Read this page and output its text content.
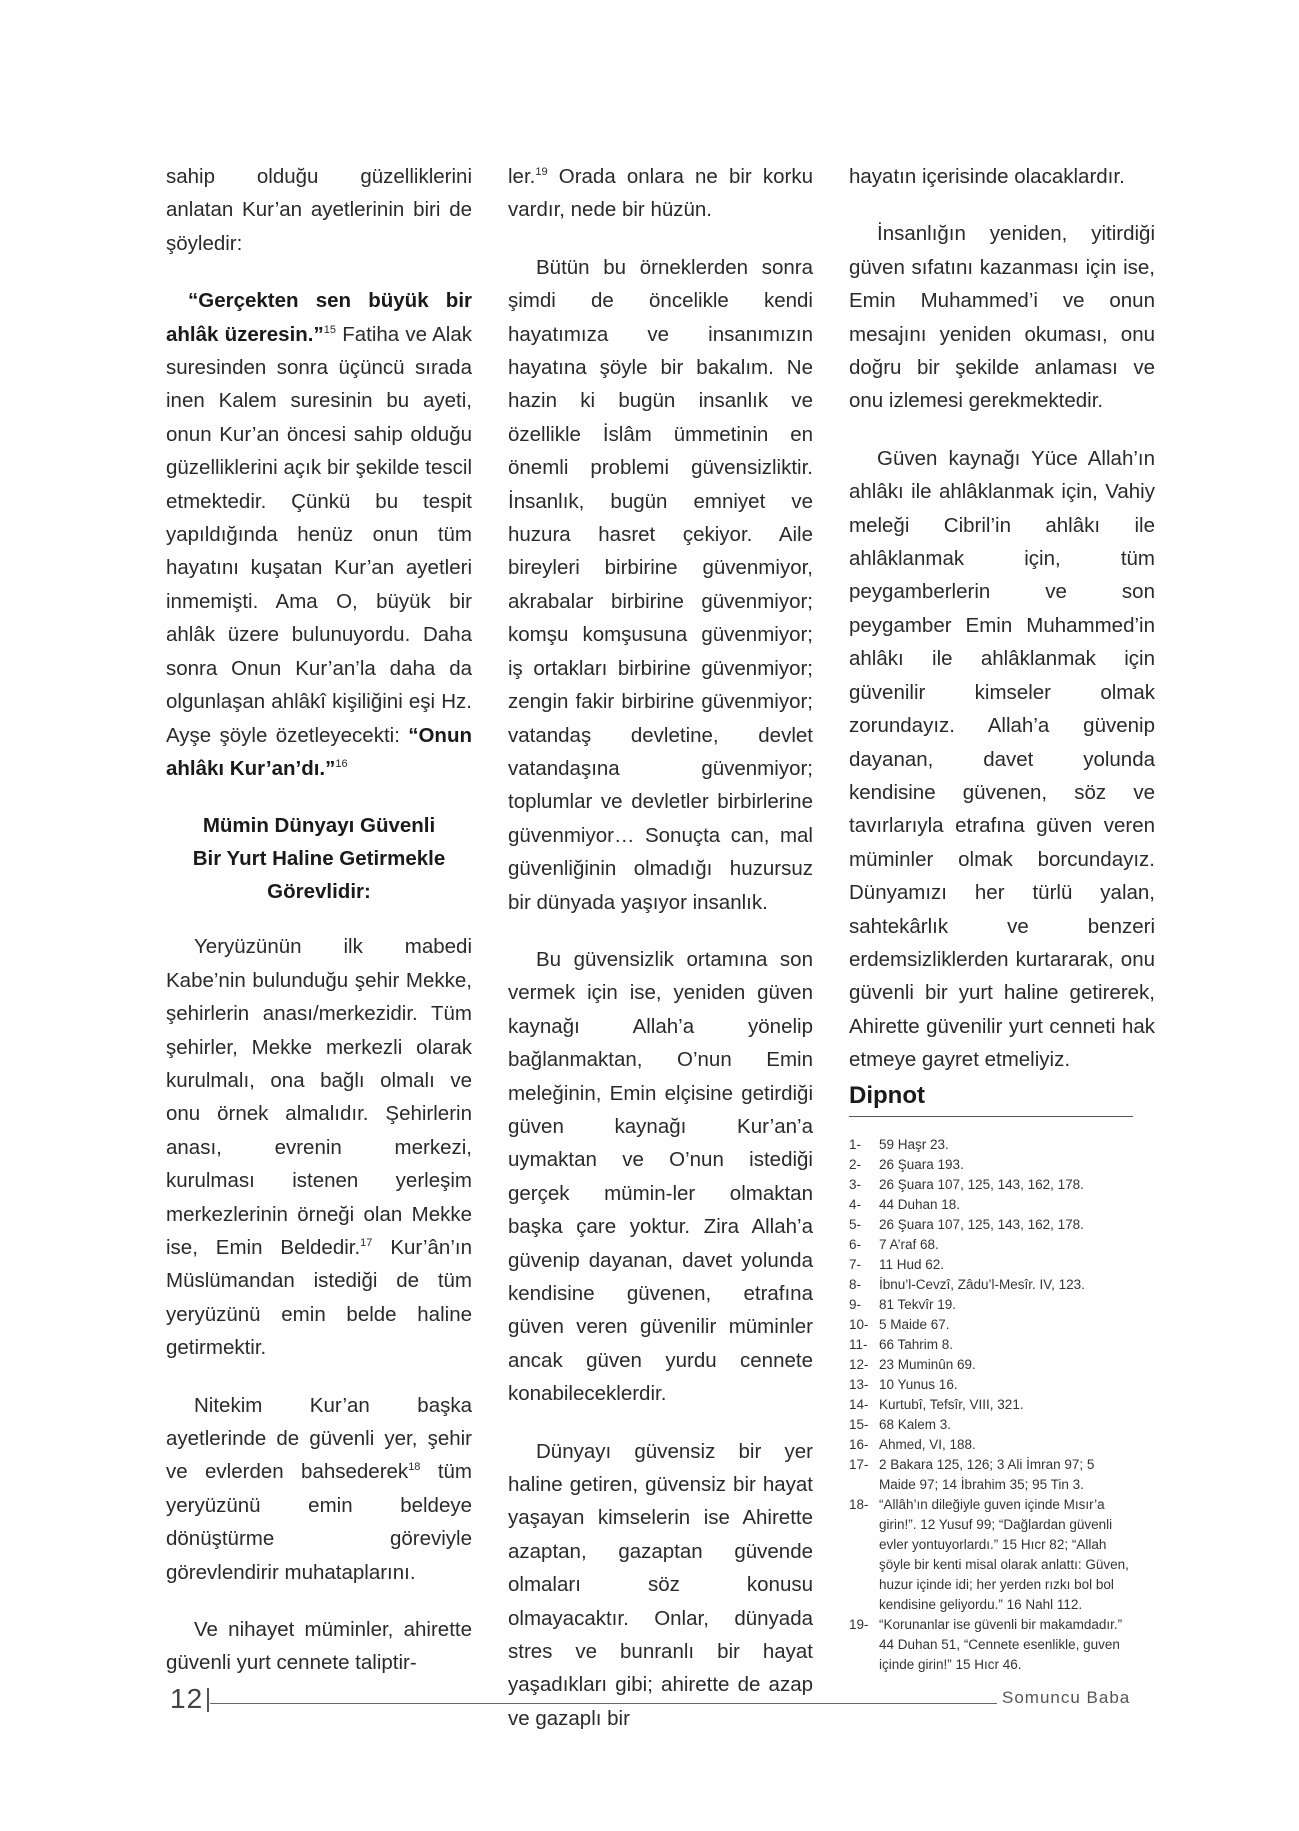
sahip olduğu güzelliklerini anlatan Kur’an ayetlerinin biri de şöyledir:

“Gerçekten sen büyük bir ahlâk üzeresin.”$^{15}$ Fatiha ve Alak suresinden sonra üçüncü sırada inen Kalem suresinin bu ayeti, onun Kur’an öncesi sahip olduğu güzelliklerini açık bir şekilde tescil etmektedir. Çünkü bu tespit yapıldığında henüz onun tüm hayatını kuşatan Kur’an ayetleri inmemişti. Ama O, büyük bir ahlâk üzere bulunuyordu. Daha sonra Onun Kur’an’la daha da olgunlaşan ahlâkî kişiliğini eşi Hz. Ayşe şöyle özetleyecekti: “Onun ahlâkı Kur’an’dı.”$^{16}$

Mümin Dünyayı Güvenli
Bir Yurt Haline Getirmekle
Görevlidir:

Yeryüzünün ilk mabedi Kabe’nin bulunduğu şehir Mekke, şehirlerin anası/merkezidir. Tüm şehirler, Mekke merkezli olarak kurulmalı, ona bağlı olmalı ve onu örnek almalıdır. Şehirlerin anası, evrenin merkezi, kurulması istenen yerleşim merkezlerinin örneği olan Mekke ise, Emin Beldedir.$^{17}$ Kur’ân’ın Müslümandan istediği de tüm yeryüzünü emin belde haline getirmektir.

Nitekim Kur’an başka ayetlerinde de güvenli yer, şehir ve evlerden bahsederek$^{18}$ tüm yeryüzünü emin beldeye dönüştürme göreviyle görevlendirir muhataplarını.

Ve nihayet müminler, ahirette güvenli yurt cennete taliptir-

ler.$^{19}$ Orada onlara ne bir korku vardır, nede bir hüzün.

Bütün bu örneklerden sonra şimdi de öncelikle kendi hayatımıza ve insanımızın hayatına şöyle bir bakalım. Ne hazin ki bugün insanlık ve özellikle İslâm ümmetinin en önemli problemi güvensizliktir. İnsanlık, bugün emniyet ve huzura hasret çekiyor. Aile bireyleri birbirine güvenmiyor, akrabalar birbirine güvenmiyor; komşu komşusuna güvenmiyor; iş ortakları birbirine güvenmiyor; zengin fakir birbirine güvenmiyor; vatandaş devletine, devlet vatandaşına güvenmiyor; toplumlar ve devletler birbirlerine güvenmiyor… Sonuçta can, mal güvenliğinin olmadığı huzursuz bir dünyada yaşıyor insanlık.

Bu güvensizlik ortamına son vermek için ise, yeniden güven kaynağı Allah’a yönelip bağlanmaktan, O’nun Emin meleğinin, Emin elçisine getirdiği güven kaynağı Kur’an’a uymaktan ve O’nun istediği gerçek mümin-ler olmaktan başka çare yoktur. Zira Allah’a güvenip dayanan, davet yolunda kendisine güvenen, etrafına güven veren güvenilir müminler ancak güven yurdu cennete konabileceklerdir.

Dünyayı güvensiz bir yer haline getiren, güvensiz bir hayat yaşayan kimselerin ise Ahirette azaptan, gazaptan güvende olmaları söz konusu olmayacaktır. Onlar, dünyada stres ve bunranlı bir hayat yaşadıkları gibi; ahirette de azap ve gazaplı bir

hayatın içerisinde olacaklardır.

İnsanlığın yeniden, yitirdiği güven sıfatını kazanması için ise, Emin Muhammed’i ve onun mesajını yeniden okuması, onu doğru bir şekilde anlaması ve onu izlemesi gerekmektedir.

Güven kaynağı Yüce Allah’ın ahlâkı ile ahlâklanmak için, Vahiy meleği Cibril’in ahlâkı ile ahlâklanmak için, tüm peygamberlerin ve son peygamber Emin Muhammed’in ahlâkı ile ahlâklanmak için güvenilir kimseler olmak zorundayız. Allah’a güvenip dayanan, davet yolunda kendisine güvenen, söz ve tavırlarıyla etrafına güven veren müminler olmak borcundayız. Dünyamızı her türlü yalan, sahtekârlık ve benzeri erdemsizliklerden kurtararak, onu güvenli bir yurt haline getirerek, Ahirette güvenilir yurt cenneti hak etmeye gayret etmeliyiz.

Dipnot
1-	59 Haşr 23.
2-	26 Şuara 193.
3-	26 Şuara 107, 125, 143, 162, 178.
4-	44 Duhan 18.
5-	26 Şuara 107, 125, 143, 162, 178.
6-	7 A’raf 68.
7-	11 Hud 62.
8-	İbnu’l-Cevzî, Zâdu’l-Mesîr. IV, 123.
9-	81 Tekvîr 19.
10- 5 Maide 67.
11- 66 Tahrim 8.
12- 23 Muminûn 69.
13- 10 Yunus 16.
14- Kurtubî, Tefsîr, VIII, 321.
15- 68 Kalem 3.
16- Ahmed, VI, 188.
17- 2 Bakara 125, 126; 3 Ali İmran 97; 5 Maide 97; 14 İbrahim 35; 95 Tin 3.
18- “Allâh’ın dileğiyle guven içinde Mısır’a girin!”. 12 Yusuf 99; “Dağlardan güvenli evler yontuyorlardı.” 15 Hıcr 82; “Allah şöyle bir kenti misal olarak anlattı: Güven, huzur içinde idi; her yerden rızkı bol bol kendisine geliyordu.” 16 Nahl 112.
19- “Korunanlar ise güvenli bir makamdadır.” 44 Duhan 51, “Cennete esenlikle, guven içinde girin!” 15 Hıcr 46.
12	Somuncu Baba
